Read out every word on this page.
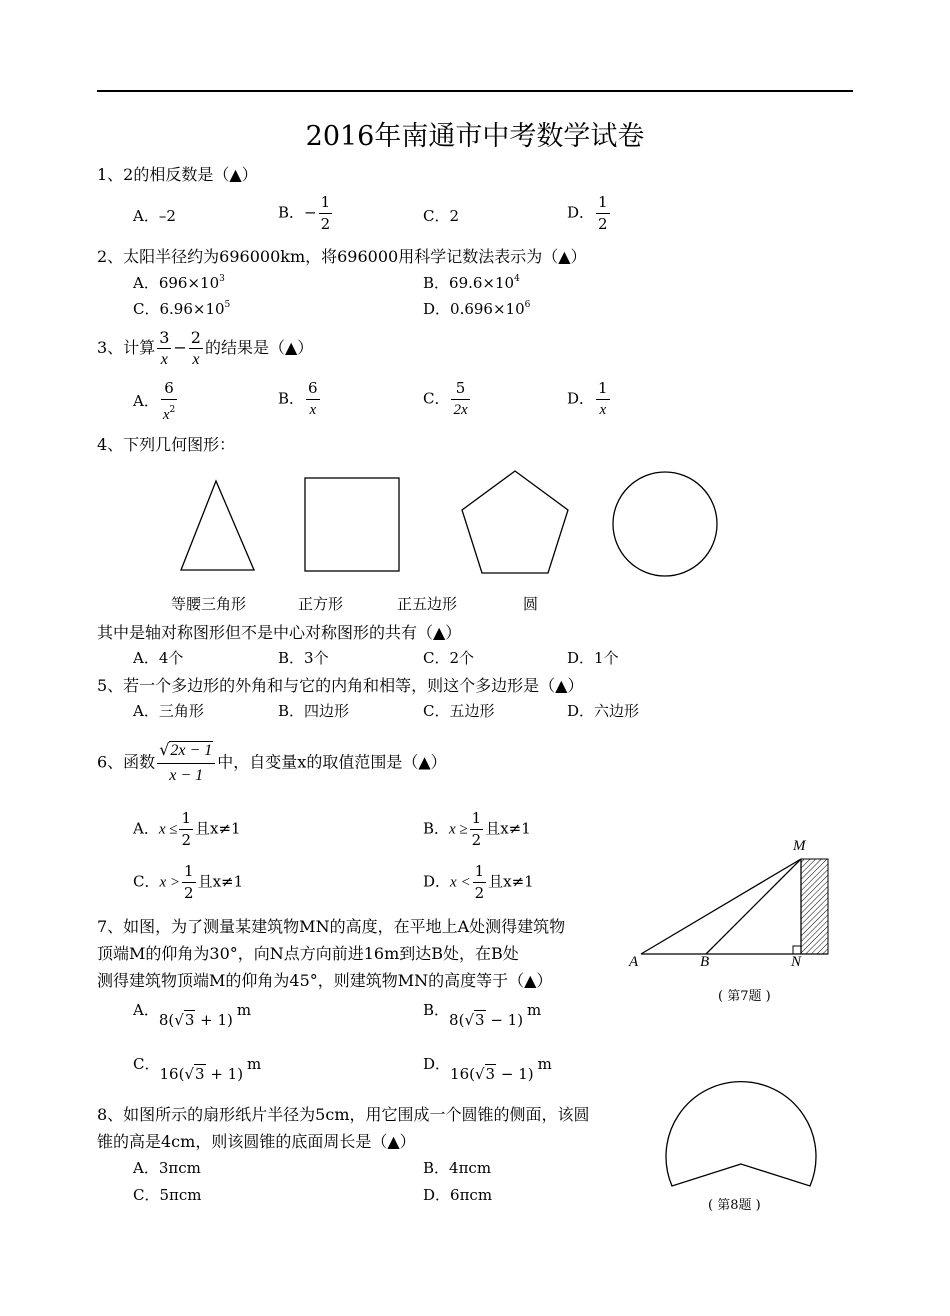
2016年南通市中考数学试卷
1、2的相反数是（▲）
A．–2	B．− $\frac{1}{2}$	C．2	D． $\frac{1}{2}$
2、太阳半径约为696000km，将696000用科学记数法表示为（▲）
A．$696\times 10^3$	B．$69.6\times 10^4$
C．$6.96\times 10^5$	D．$0.696\times 10^6$
3、计算 $\frac{3}{x} - \frac{2}{x}$ 的结果是（▲）
A． $\frac{6}{x^2}$	B． $\frac{6}{x}$	C． $\frac{5}{2x}$	D． $\frac{1}{x}$
4、下列几何图形：
等腰三角形	正方形	正五边形	圆
其中是轴对称图形但不是中心对称图形的共有（▲）
A．4个	B．3个	C．2个	D．1个
5、若一个多边形的外角和与它的内角和相等，则这个多边形是（▲）
A．三角形	B．四边形	C．五边形	D．六边形
6、函数 $\frac{√2x - 1}{x - 1}$ 中，自变量x的取值范围是（▲）
A．$x \le \frac{1}{2}$ 且x≠1	B．$x \ge \frac{1}{2}$ 且x≠1
C．$x > \frac{1}{2}$ 且x≠1	D．$x < \frac{1}{2}$ 且x≠1
M
A	B	N
( 第7题 )
7、如图，为了测量某建筑物MN的高度，在平地上A处测得建筑物
顶端M的仰角为30°，向N点方向前进16m到达B处，在B处
测得建筑物顶端M的仰角为45°，则建筑物MN的高度等于（▲）
A．8(√3 + 1)m	B．8(√3 − 1)m
C．16(√3 + 1)m	D．16(√3 − 1)m
8、如图所示的扇形纸片半径为5cm，用它围成一个圆锥的侧面，该圆
锥的高是4cm，则该圆锥的底面周长是（▲）
A．3πcm	B．4πcm
C．5πcm	D．6πcm
( 第8题 )
